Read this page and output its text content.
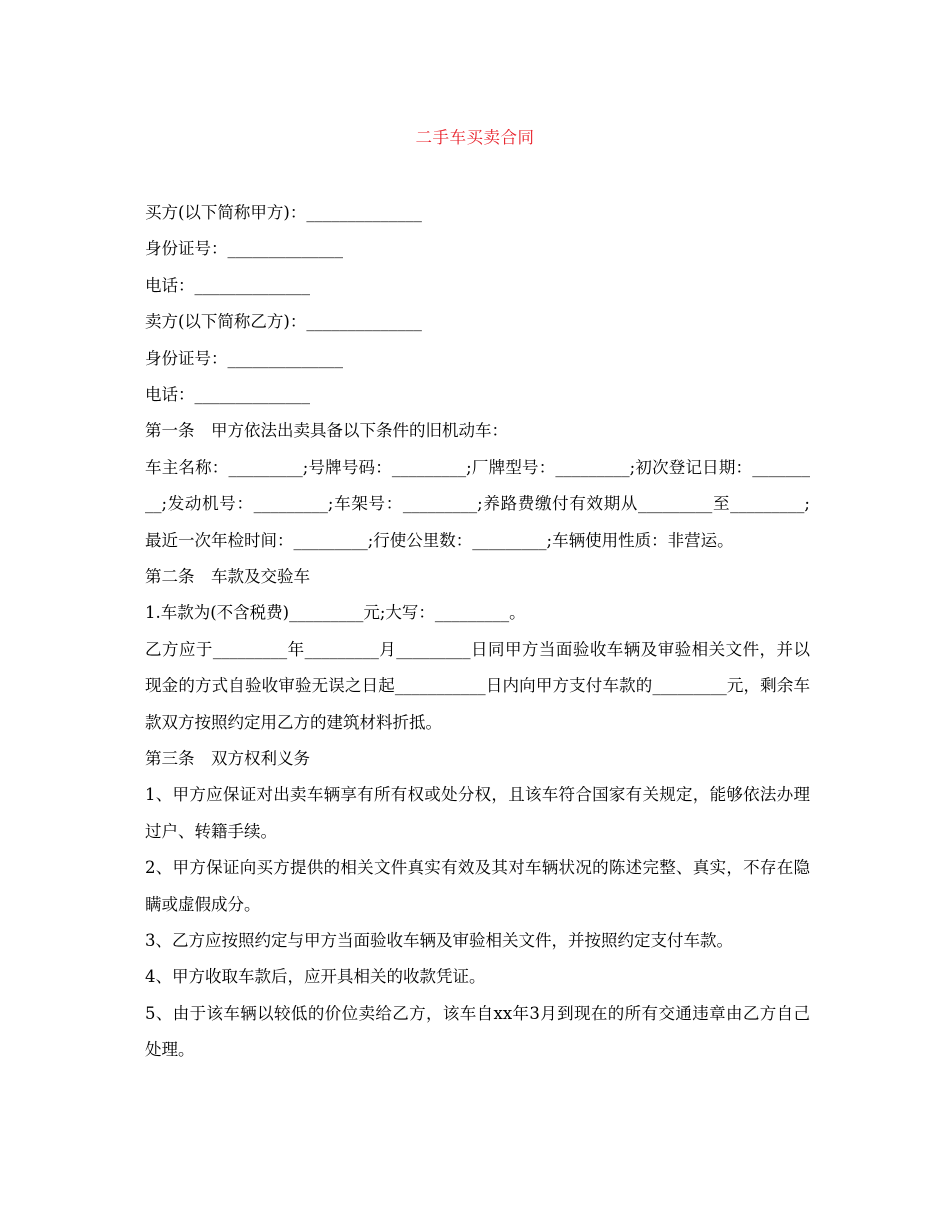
二手车买卖合同
买方(以下简称甲方)：______________
身份证号：______________
电话：______________
卖方(以下简称乙方)：______________
身份证号：______________
电话：______________
第一条　甲方依法出卖具备以下条件的旧机动车：
车主名称：_________;号牌号码：_________;厂牌型号：_________;初次登记日期：_________;发动机号：_________;车架号：_________;养路费缴付有效期从_________至_________;最近一次年检时间：_________;行使公里数：_________;车辆使用性质：非营运。
第二条　车款及交验车
1.车款为(不含税费)_________元;大写：_________。
乙方应于_________年_________月_________日同甲方当面验收车辆及审验相关文件，并以现金的方式自验收审验无误之日起___________日内向甲方支付车款的_________元，剩余车款双方按照约定用乙方的建筑材料折抵。
第三条　双方权利义务
1、甲方应保证对出卖车辆享有所有权或处分权，且该车符合国家有关规定，能够依法办理过户、转籍手续。
2、甲方保证向买方提供的相关文件真实有效及其对车辆状况的陈述完整、真实，不存在隐瞒或虚假成分。
3、乙方应按照约定与甲方当面验收车辆及审验相关文件，并按照约定支付车款。
4、甲方收取车款后，应开具相关的收款凭证。
5、由于该车辆以较低的价位卖给乙方，该车自xx年3月到现在的所有交通违章由乙方自己处理。
